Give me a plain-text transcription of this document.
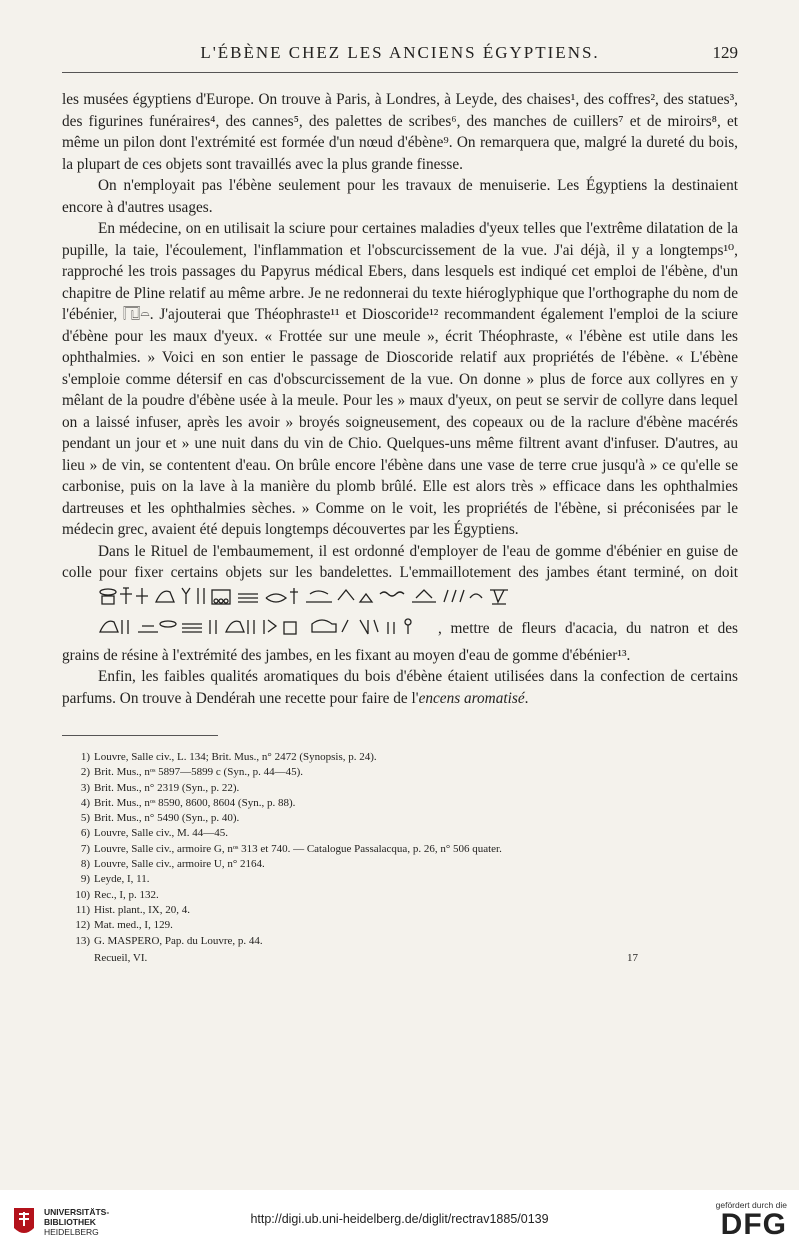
L'ÉBÈNE CHEZ LES ANCIENS ÉGYPTIENS.	129

les musées égyptiens d'Europe. On trouve à Paris, à Londres, à Leyde, des chaises¹, des coffres², des statues³, des figurines funéraires⁴, des cannes⁵, des palettes de scribes⁶, des manches de cuillers⁷ et de miroirs⁸, et même un pilon dont l'extrémité est formée d'un nœud d'ébène⁹. On remarquera que, malgré la dureté du bois, la plupart de ces objets sont travaillés avec la plus grande finesse.

On n'employait pas l'ébène seulement pour les travaux de menuiserie. Les Égyptiens la destinaient encore à d'autres usages.

En médecine, on en utilisait la sciure pour certaines maladies d'yeux telles que l'extrême dilatation de la pupille, la taie, l'écoulement, l'inflammation et l'obscurcissement de la vue. J'ai déjà, il y a longtemps¹⁰, rapproché les trois passages du Papyrus médical Ebers, dans lesquels est indiqué cet emploi de l'ébène, d'un chapitre de Pline relatif au même arbre. Je ne redonnerai du texte hiéroglyphique que l'orthographe du nom de l'ébénier, 𓉔𓏏. J'ajouterai que Théophraste¹¹ et Dioscoride¹² recommandent également l'emploi de la sciure d'ébène pour les maux d'yeux. « Frottée sur une meule », écrit Théophraste, « l'ébène est utile dans les ophthalmies. » Voici en son entier le passage de Dioscoride relatif aux propriétés de l'ébène. « L'ébène s'emploie comme détersif en cas d'obscurcissement de la vue. On donne » plus de force aux collyres en y mêlant de la poudre d'ébène usée à la meule. Pour les » maux d'yeux, on peut se servir de collyre dans lequel on a laissé infuser, après les avoir » broyés soigneusement, des copeaux ou de la raclure d'ébène macérés pendant un jour et » une nuit dans du vin de Chio. Quelques-uns même filtrent avant d'infuser. D'autres, au lieu » de vin, se contentent d'eau. On brûle encore l'ébène dans une vase de terre crue jusqu'à » ce qu'elle se carbonise, puis on la lave à la manière du plomb brûlé. Elle est alors très » efficace dans les ophthalmies dartreuses et les ophthalmies sèches. » Comme on le voit, les propriétés de l'ébène, si préconisées par le médecin grec, avaient été depuis longtemps découvertes par les Égyptiens.

Dans le Rituel de l'embaumement, il est ordonné d'employer de l'eau de gomme d'ébénier en guise de colle pour fixer certains objets sur les bandelettes. L'emmaillotement des jambes étant terminé, on doit  , mettre de fleurs d'acacia, du natron et des grains de résine à l'extrémité des jambes, en les fixant au moyen d'eau de gomme d'ébénier¹³.

Enfin, les faibles qualités aromatiques du bois d'ébène étaient utilisées dans la confection de certains parfums. On trouve à Dendérah une recette pour faire de l'encens aromatisé.

1) Louvre, Salle civ., L. 134; Brit. Mus., n° 2472 (Synopsis, p. 24).
2) Brit. Mus., nᵒˢ 5897—5899 c (Syn., p. 44—45).
3) Brit. Mus., n° 2319 (Syn., p. 22).
4) Brit. Mus., nᵒˢ 8590, 8600, 8604 (Syn., p. 88).
5) Brit. Mus., n° 5490 (Syn., p. 40).
6) Louvre, Salle civ., M. 44—45.
7) Louvre, Salle civ., armoire G, nᵒˢ 313 et 740. — Catalogue Passalacqua, p. 26, n° 506 quater.
8) Louvre, Salle civ., armoire U, n° 2164.
9) Leyde, I, 11.
10) Rec., I, p. 132.
11) Hist. plant., IX, 20, 4.
12) Mat. med., I, 129.
13) G. MASPERO, Pap. du Louvre, p. 44.
Recueil, VI.	17
UNIVERSITÄTS-
BIBLIOTHEK
HEIDELBERG
http://digi.ub.uni-heidelberg.de/diglit/rectrav1885/0139
gefördert durch die
DFG
